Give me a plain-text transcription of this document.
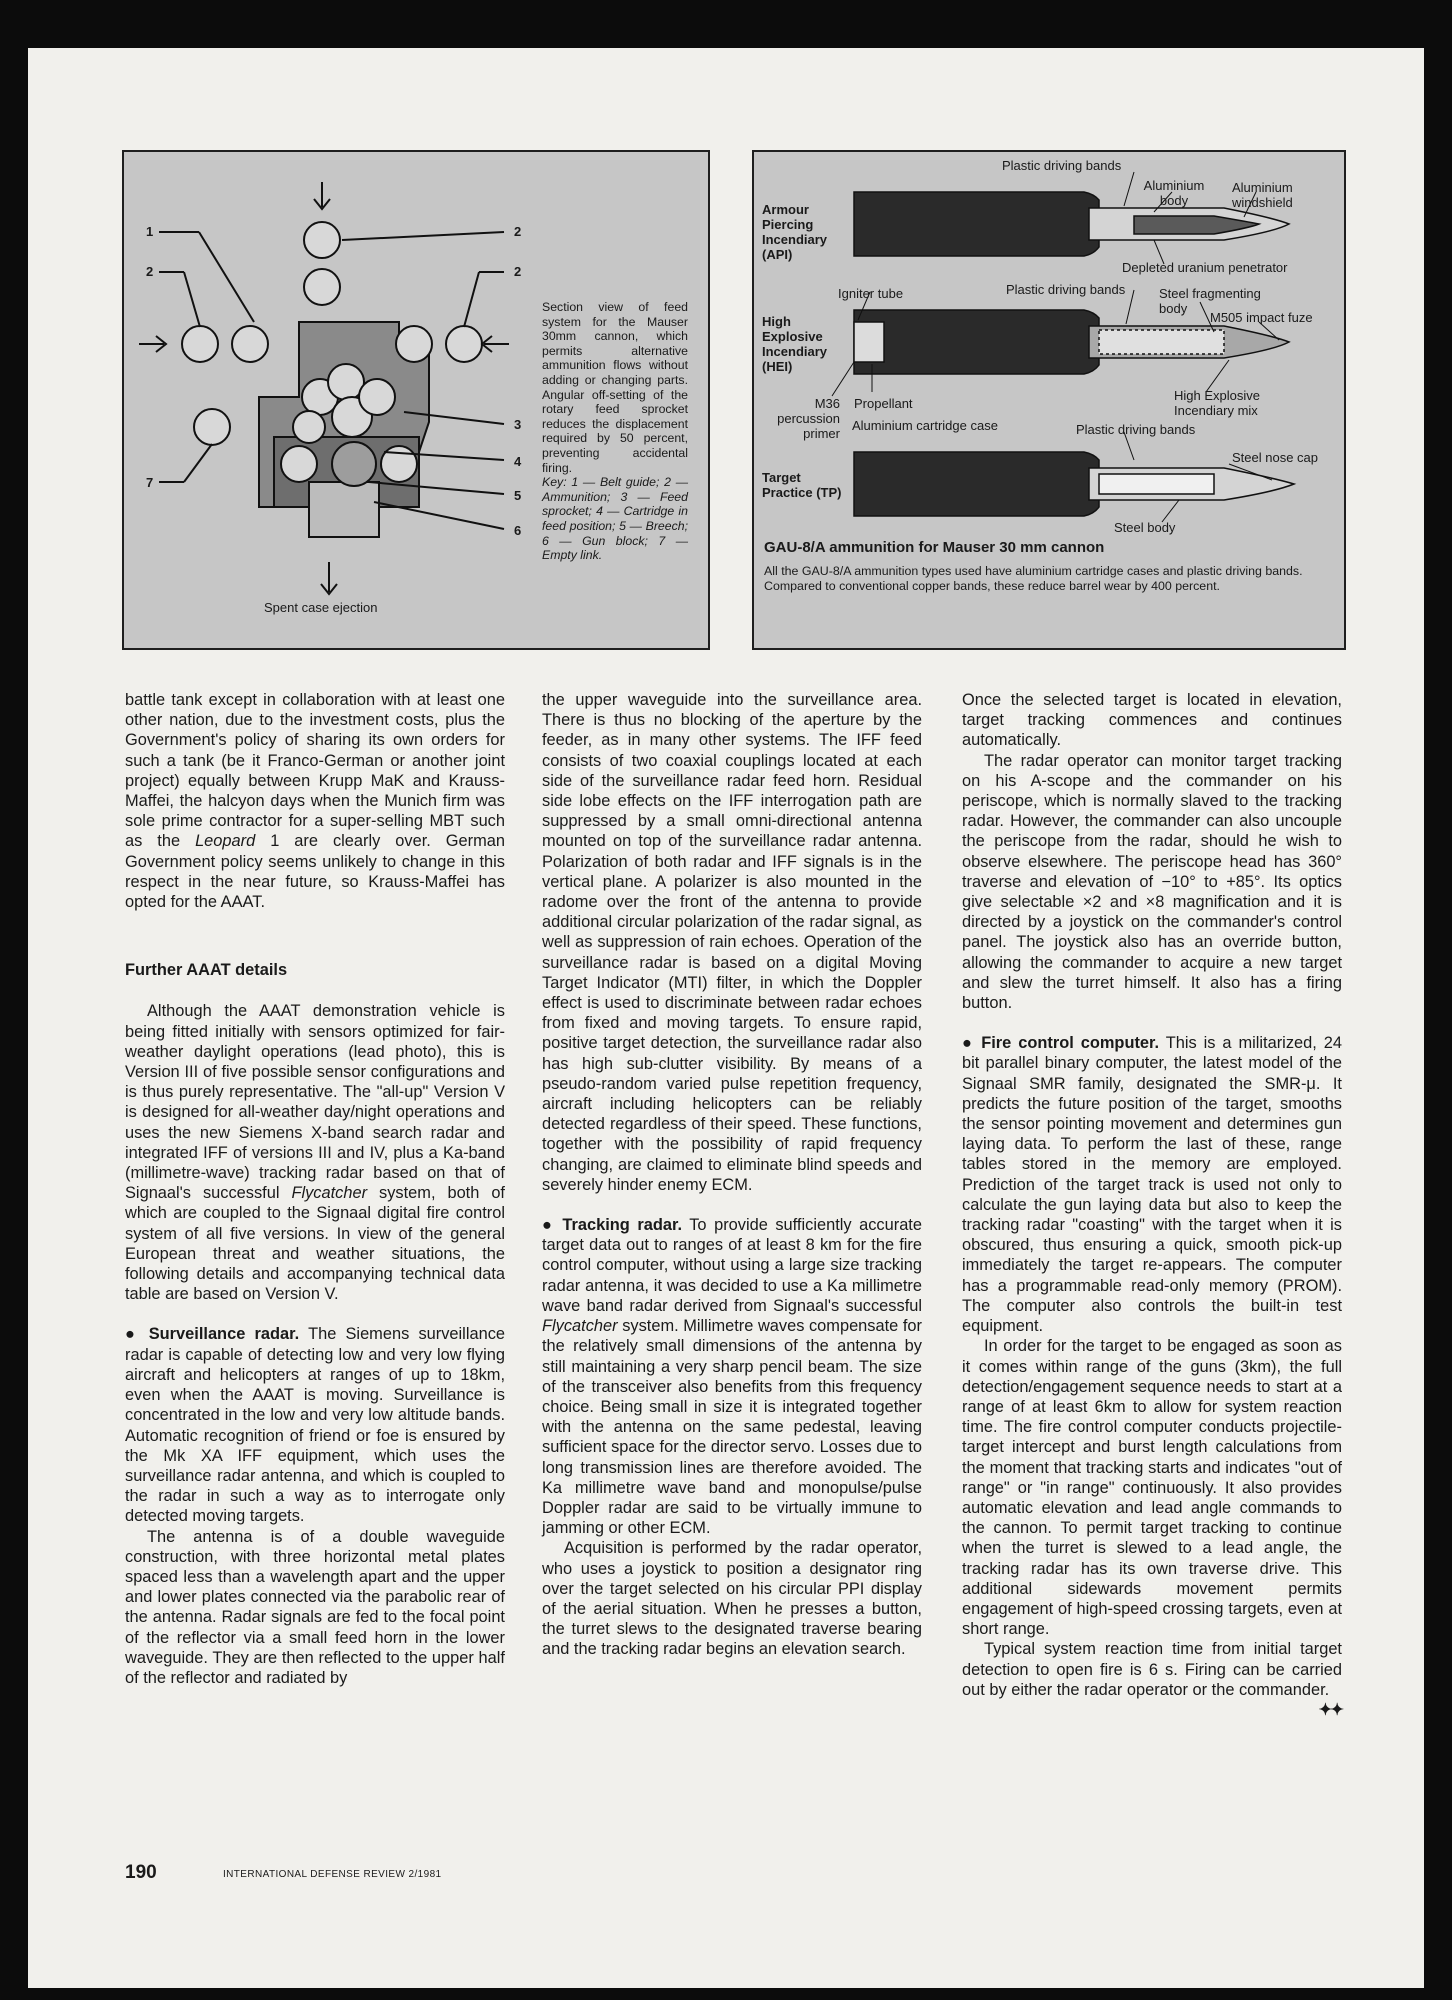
1
2
2
2
3
4
5
6
7
Spent case ejection

Section view of feed system for the Mauser 30mm cannon, which permits alternative ammunition flows without adding or changing parts. Angular off-setting of the rotary feed sprocket reduces the displacement required by 50 percent, preventing accidental firing.

Key: 1 — Belt guide; 2 — Ammunition; 3 — Feed sprocket; 4 — Cartridge in feed position; 5 — Breech; 6 — Gun block; 7 — Empty link.

Armour Piercing Incendiary (API)
High Explosive Incendiary (HEI)
Target Practice (TP)
Plastic driving bands
Aluminium body
Aluminium windshield
Depleted uranium penetrator
Igniter tube	Plastic driving bands	Steel fragmenting body
M505 impact fuze
M36 percussion primer
Propellant
High Explosive Incendiary mix
Aluminium cartridge case	Plastic driving bands
Steel nose cap
Steel body
GAU-8/A ammunition for Mauser 30 mm cannon
All the GAU-8/A ammunition types used have aluminium cartridge cases and plastic driving bands. Compared to conventional copper bands, these reduce barrel wear by 400 percent.

battle tank except in collaboration with at least one other nation, due to the investment costs, plus the Government's policy of sharing its own orders for such a tank (be it Franco-German or another joint project) equally between Krupp MaK and Krauss-Maffei, the halcyon days when the Munich firm was sole prime contractor for a super-selling MBT such as the Leopard 1 are clearly over. German Government policy seems unlikely to change in this respect in the near future, so Krauss-Maffei has opted for the AAAT.

Further AAAT details

Although the AAAT demonstration vehicle is being fitted initially with sensors optimized for fair-weather daylight operations (lead photo), this is Version III of five possible sensor configurations and is thus purely representative. The "all-up" Version V is designed for all-weather day/night operations and uses the new Siemens X-band search radar and integrated IFF of versions III and IV, plus a Ka-band (millimetre-wave) tracking radar based on that of Signaal's successful Flycatcher system, both of which are coupled to the Signaal digital fire control system of all five versions. In view of the general European threat and weather situations, the following details and accompanying technical data table are based on Version V.

● Surveillance radar. The Siemens surveillance radar is capable of detecting low and very low flying aircraft and helicopters at ranges of up to 18km, even when the AAAT is moving. Surveillance is concentrated in the low and very low altitude bands. Automatic recognition of friend or foe is ensured by the Mk XA IFF equipment, which uses the surveillance radar antenna, and which is coupled to the radar in such a way as to interrogate only detected moving targets.

The antenna is of a double waveguide construction, with three horizontal metal plates spaced less than a wavelength apart and the upper and lower plates connected via the parabolic rear of the antenna. Radar signals are fed to the focal point of the reflector via a small feed horn in the lower waveguide. They are then reflected to the upper half of the reflector and radiated by

the upper waveguide into the surveillance area. There is thus no blocking of the aperture by the feeder, as in many other systems. The IFF feed consists of two coaxial couplings located at each side of the surveillance radar feed horn. Residual side lobe effects on the IFF interrogation path are suppressed by a small omni-directional antenna mounted on top of the surveillance radar antenna. Polarization of both radar and IFF signals is in the vertical plane. A polarizer is also mounted in the radome over the front of the antenna to provide additional circular polarization of the radar signal, as well as suppression of rain echoes. Operation of the surveillance radar is based on a digital Moving Target Indicator (MTI) filter, in which the Doppler effect is used to discriminate between radar echoes from fixed and moving targets. To ensure rapid, positive target detection, the surveillance radar also has high sub-clutter visibility. By means of a pseudo-random varied pulse repetition frequency, aircraft including helicopters can be reliably detected regardless of their speed. These functions, together with the possibility of rapid frequency changing, are claimed to eliminate blind speeds and severely hinder enemy ECM.

● Tracking radar. To provide sufficiently accurate target data out to ranges of at least 8 km for the fire control computer, without using a large size tracking radar antenna, it was decided to use a Ka millimetre wave band radar derived from Signaal's successful Flycatcher system. Millimetre waves compensate for the relatively small dimensions of the antenna by still maintaining a very sharp pencil beam. The size of the transceiver also benefits from this frequency choice. Being small in size it is integrated together with the antenna on the same pedestal, leaving sufficient space for the director servo. Losses due to long transmission lines are therefore avoided. The Ka millimetre wave band and monopulse/pulse Doppler radar are said to be virtually immune to jamming or other ECM.

Acquisition is performed by the radar operator, who uses a joystick to position a designator ring over the target selected on his circular PPI display of the aerial situation. When he presses a button, the turret slews to the designated traverse bearing and the tracking radar begins an elevation search.

Once the selected target is located in elevation, target tracking commences and continues automatically.

The radar operator can monitor target tracking on his A-scope and the commander on his periscope, which is normally slaved to the tracking radar. However, the commander can also uncouple the periscope from the radar, should he wish to observe elsewhere. The periscope head has 360° traverse and elevation of −10° to +85°. Its optics give selectable ×2 and ×8 magnification and it is directed by a joystick on the commander's control panel. The joystick also has an override button, allowing the commander to acquire a new target and slew the turret himself. It also has a firing button.

● Fire control computer. This is a militarized, 24 bit parallel binary computer, the latest model of the Signaal SMR family, designated the SMR-μ. It predicts the future position of the target, smooths the sensor pointing movement and determines gun laying data. To perform the last of these, range tables stored in the memory are employed. Prediction of the target track is used not only to calculate the gun laying data but also to keep the tracking radar "coasting" with the target when it is obscured, thus ensuring a quick, smooth pick-up immediately the target re-appears. The computer has a programmable read-only memory (PROM). The computer also controls the built-in test equipment.

In order for the target to be engaged as soon as it comes within range of the guns (3km), the full detection/engagement sequence needs to start at a range of at least 6km to allow for system reaction time. The fire control computer conducts projectile-target intercept and burst length calculations from the moment that tracking starts and indicates "out of range" or "in range" continuously. It also provides automatic elevation and lead angle commands to the cannon. To permit target tracking to continue when the turret is slewed to a lead angle, the tracking radar has its own traverse drive. This additional sidewards movement permits engagement of high-speed crossing targets, even at short range.

Typical system reaction time from initial target detection to open fire is 6 s. Firing can be carried out by either the radar operator or the commander.
✦✦

190	INTERNATIONAL DEFENSE REVIEW 2/1981
